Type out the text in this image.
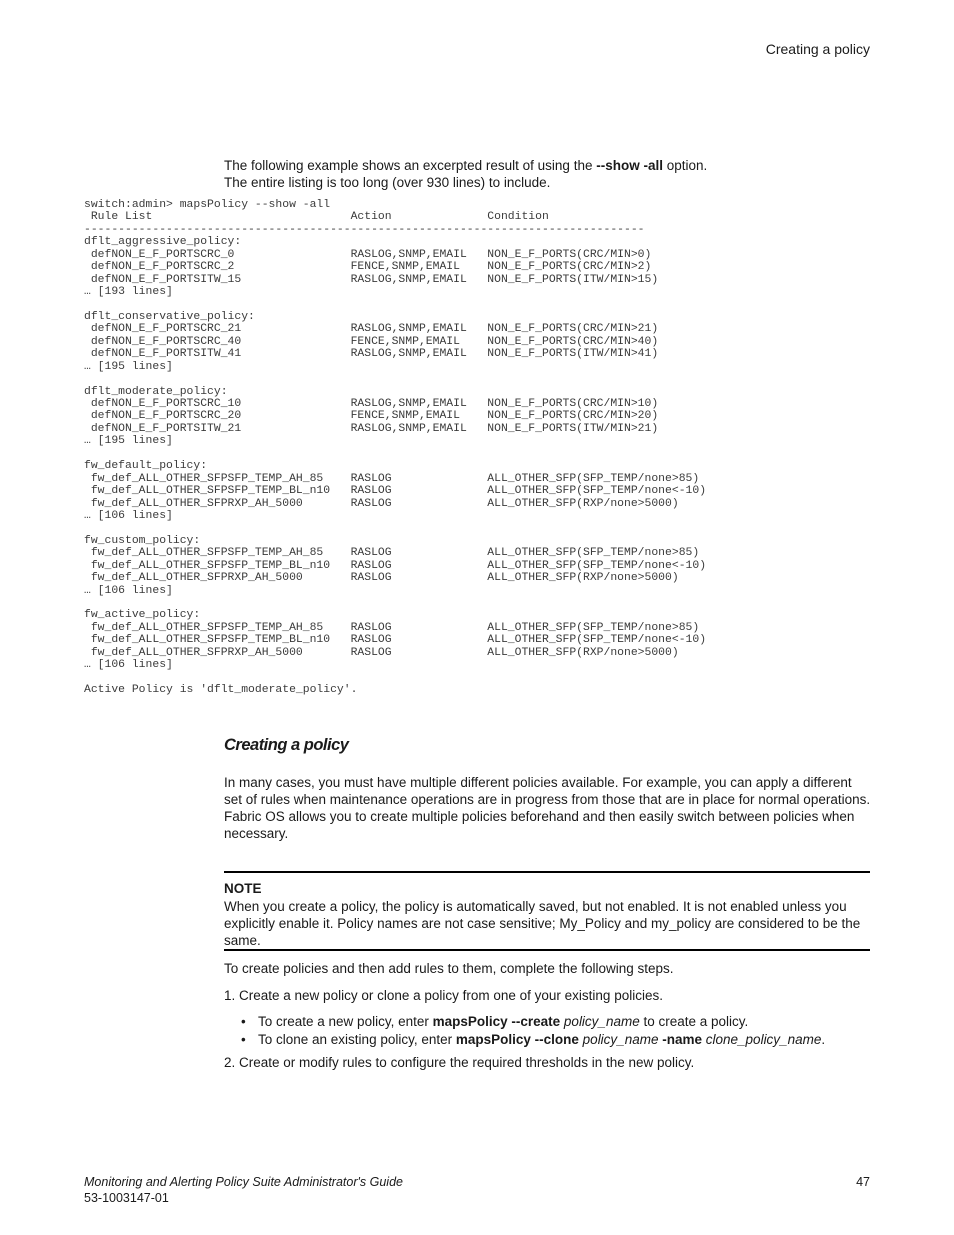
Creating a policy

The following example shows an excerpted result of using the --show -all option.
The entire listing is too long (over 930 lines) to include.

switch:admin> mapsPolicy --show -all
Rule List                             Action              Condition
----------------------------------------------------------------------------------
dflt_aggressive_policy:
defNON_E_F_PORTSCRC_0                 RASLOG,SNMP,EMAIL   NON_E_F_PORTS(CRC/MIN>0)
defNON_E_F_PORTSCRC_2                 FENCE,SNMP,EMAIL    NON_E_F_PORTS(CRC/MIN>2)
defNON_E_F_PORTSITW_15                RASLOG,SNMP,EMAIL   NON_E_F_PORTS(ITW/MIN>15)
… [193 lines]
dflt_conservative_policy:
defNON_E_F_PORTSCRC_21                RASLOG,SNMP,EMAIL   NON_E_F_PORTS(CRC/MIN>21)
defNON_E_F_PORTSCRC_40                FENCE,SNMP,EMAIL    NON_E_F_PORTS(CRC/MIN>40)
defNON_E_F_PORTSITW_41                RASLOG,SNMP,EMAIL   NON_E_F_PORTS(ITW/MIN>41)
… [195 lines]
dflt_moderate_policy:
defNON_E_F_PORTSCRC_10                RASLOG,SNMP,EMAIL   NON_E_F_PORTS(CRC/MIN>10)
defNON_E_F_PORTSCRC_20                FENCE,SNMP,EMAIL    NON_E_F_PORTS(CRC/MIN>20)
defNON_E_F_PORTSITW_21                RASLOG,SNMP,EMAIL   NON_E_F_PORTS(ITW/MIN>21)
… [195 lines]
fw_default_policy:
fw_def_ALL_OTHER_SFPSFP_TEMP_AH_85    RASLOG              ALL_OTHER_SFP(SFP_TEMP/none>85)
fw_def_ALL_OTHER_SFPSFP_TEMP_BL_n10   RASLOG              ALL_OTHER_SFP(SFP_TEMP/none<-10)
fw_def_ALL_OTHER_SFPRXP_AH_5000       RASLOG              ALL_OTHER_SFP(RXP/none>5000)
… [106 lines]
fw_custom_policy:
fw_def_ALL_OTHER_SFPSFP_TEMP_AH_85    RASLOG              ALL_OTHER_SFP(SFP_TEMP/none>85)
fw_def_ALL_OTHER_SFPSFP_TEMP_BL_n10   RASLOG              ALL_OTHER_SFP(SFP_TEMP/none<-10)
fw_def_ALL_OTHER_SFPRXP_AH_5000       RASLOG              ALL_OTHER_SFP(RXP/none>5000)
… [106 lines]
fw_active_policy:
fw_def_ALL_OTHER_SFPSFP_TEMP_AH_85    RASLOG              ALL_OTHER_SFP(SFP_TEMP/none>85)
fw_def_ALL_OTHER_SFPSFP_TEMP_BL_n10   RASLOG              ALL_OTHER_SFP(SFP_TEMP/none<-10)
fw_def_ALL_OTHER_SFPRXP_AH_5000       RASLOG              ALL_OTHER_SFP(RXP/none>5000)
… [106 lines]
Active Policy is 'dflt_moderate_policy'.
Creating a policy

In many cases, you must have multiple different policies available. For example, you can apply a different set of rules when maintenance operations are in progress from those that are in place for normal operations. Fabric OS allows you to create multiple policies beforehand and then easily switch between policies when necessary.

NOTE

When you create a policy, the policy is automatically saved, but not enabled. It is not enabled unless you explicitly enable it. Policy names are not case sensitive; My_Policy and my_policy are considered to be the same.

To create policies and then add rules to them, complete the following steps.

1. Create a new policy or clone a policy from one of your existing policies.

• To create a new policy, enter mapsPolicy --create policy_name to create a policy.

• To clone an existing policy, enter mapsPolicy --clone policy_name -name clone_policy_name.

2. Create or modify rules to configure the required thresholds in the new policy.

Monitoring and Alerting Policy Suite Administrator's Guide
53-1003147-01
47
